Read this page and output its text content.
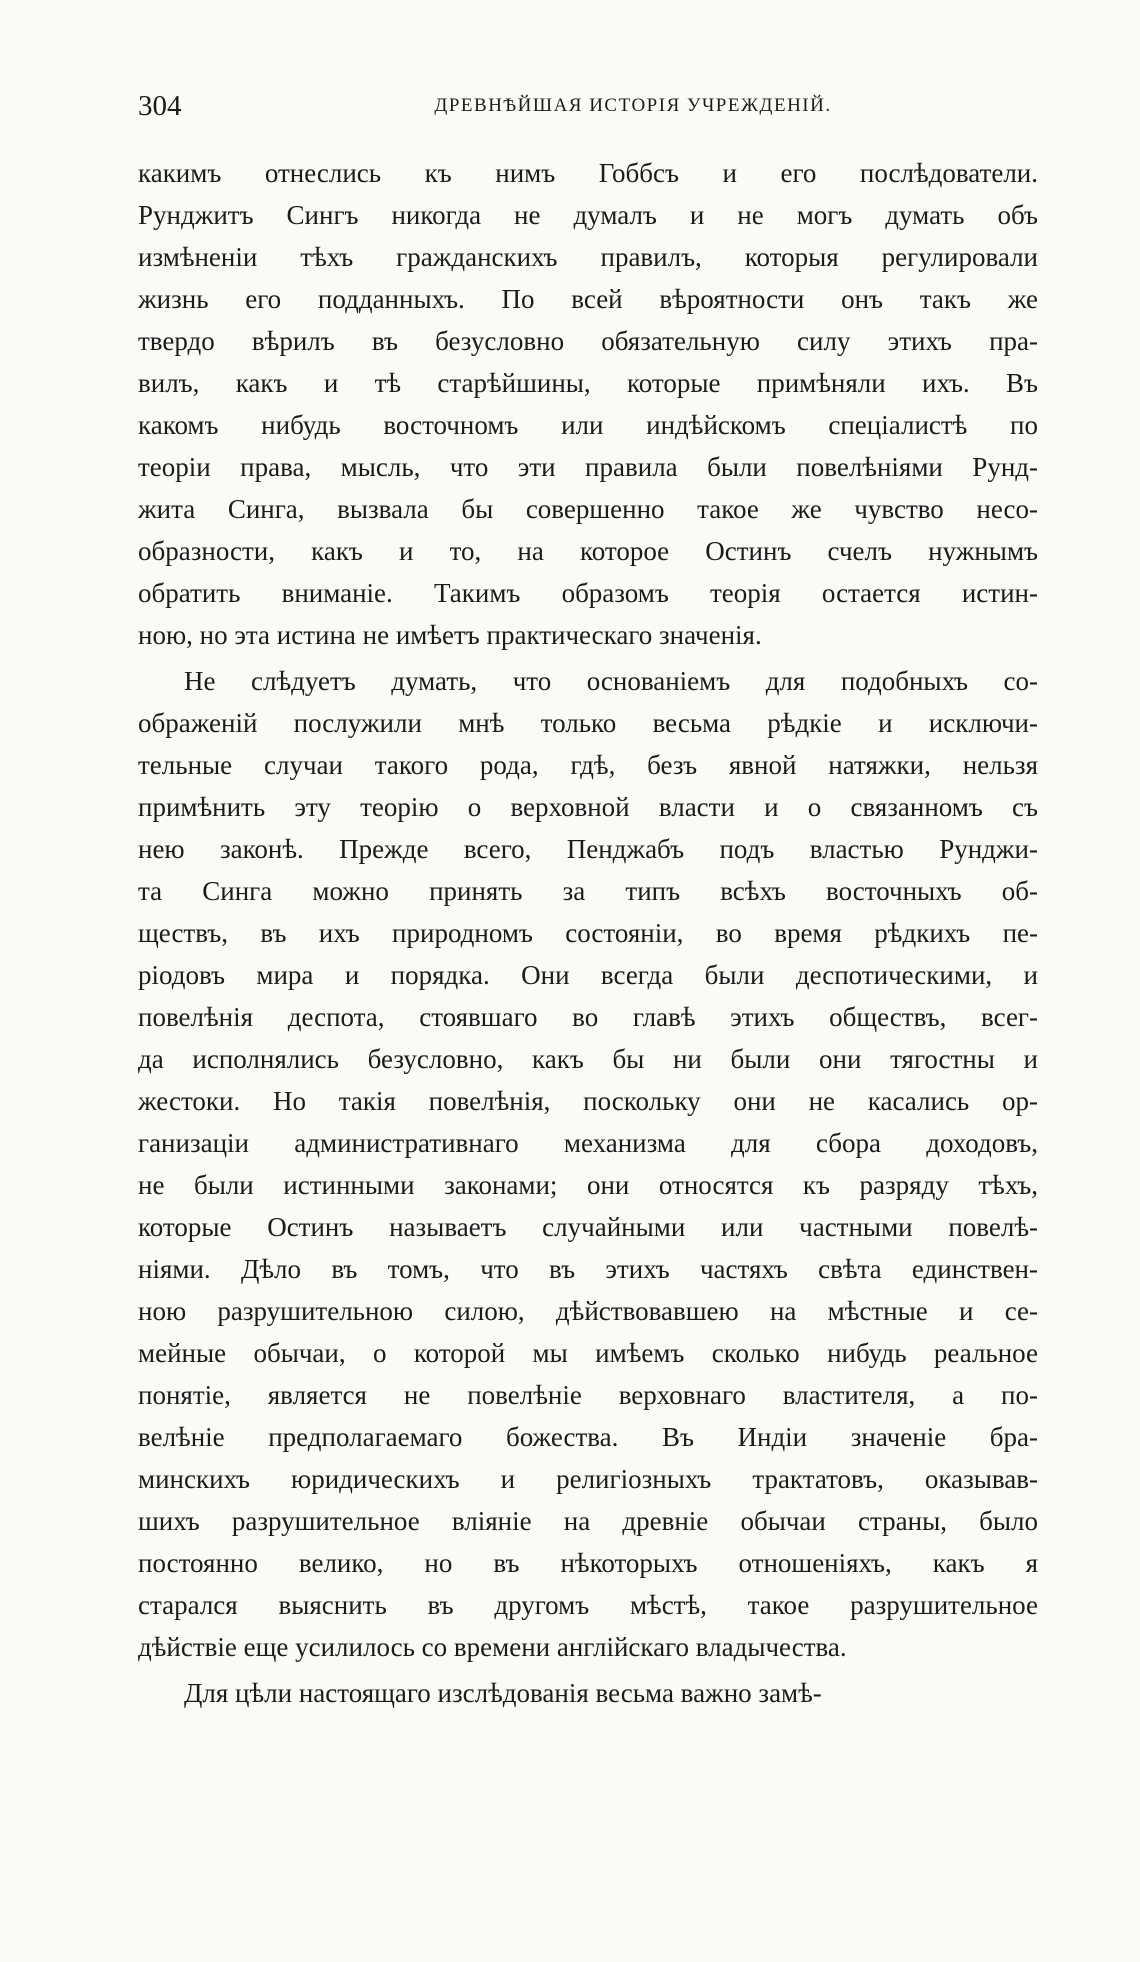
304	ДРЕВНѢЙШАЯ ИСТОРІЯ УЧРЕЖДЕНІЙ.
какимъ отнеслись къ нимъ Гоббсъ и его послѣдователи.
Рунджитъ Сингъ никогда не думалъ и не могъ думать объ
измѣненіи тѣхъ гражданскихъ правилъ, которыя регулировали
жизнь его подданныхъ. По всей вѣроятности онъ такъ же
твердо вѣрилъ въ безусловно обязательную силу этихъ пра-
вилъ, какъ и тѣ старѣйшины, которые примѣняли ихъ. Въ
какомъ нибудь восточномъ или индѣйскомъ спеціалистѣ по
теоріи права, мысль, что эти правила были повелѣніями Рунд-
жита Синга, вызвала бы совершенно такое же чувство несо-
образности, какъ и то, на которое Остинъ счелъ нужнымъ
обратить вниманіе. Такимъ образомъ теорія остается истин-
ною, но эта истина не имѣетъ практическаго значенія.
Не слѣдуетъ думать, что основаніемъ для подобныхъ со-
ображеній послужили мнѣ только весьма рѣдкіе и исключи-
тельные случаи такого рода, гдѣ, безъ явной натяжки, нельзя
примѣнить эту теорію о верховной власти и о связанномъ съ
нею законѣ. Прежде всего, Пенджабъ подъ властью Рунджи-
та Синга можно принять за типъ всѣхъ восточныхъ об-
ществъ, въ ихъ природномъ состояніи, во время рѣдкихъ пе-
ріодовъ мира и порядка. Они всегда были деспотическими, и
повелѣнія деспота, стоявшаго во главѣ этихъ обществъ, всег-
да исполнялись безусловно, какъ бы ни были они тягостны и
жестоки. Но такія повелѣнія, поскольку они не касались ор-
ганизаціи административнаго механизма для сбора доходовъ,
не были истинными законами; они относятся къ разряду тѣхъ,
которые Остинъ называетъ случайными или частными повелѣ-
ніями. Дѣло въ томъ, что въ этихъ частяхъ свѣта единствен-
ною разрушительною силою, дѣйствовавшею на мѣстные и се-
мейные обычаи, о которой мы имѣемъ сколько нибудь реальное
понятіе, является не повелѣніе верховнаго властителя, а по-
велѣніе предполагаемаго божества. Въ Индіи значеніе бра-
минскихъ юридическихъ и религіозныхъ трактатовъ, оказывав-
шихъ разрушительное вліяніе на древніе обычаи страны, было
постоянно велико, но въ нѣкоторыхъ отношеніяхъ, какъ я
старался выяснить въ другомъ мѣстѣ, такое разрушительное
дѣйствіе еще усилилось со времени англійскаго владычества.
Для цѣли настоящаго изслѣдованія весьма важно замѣ-
